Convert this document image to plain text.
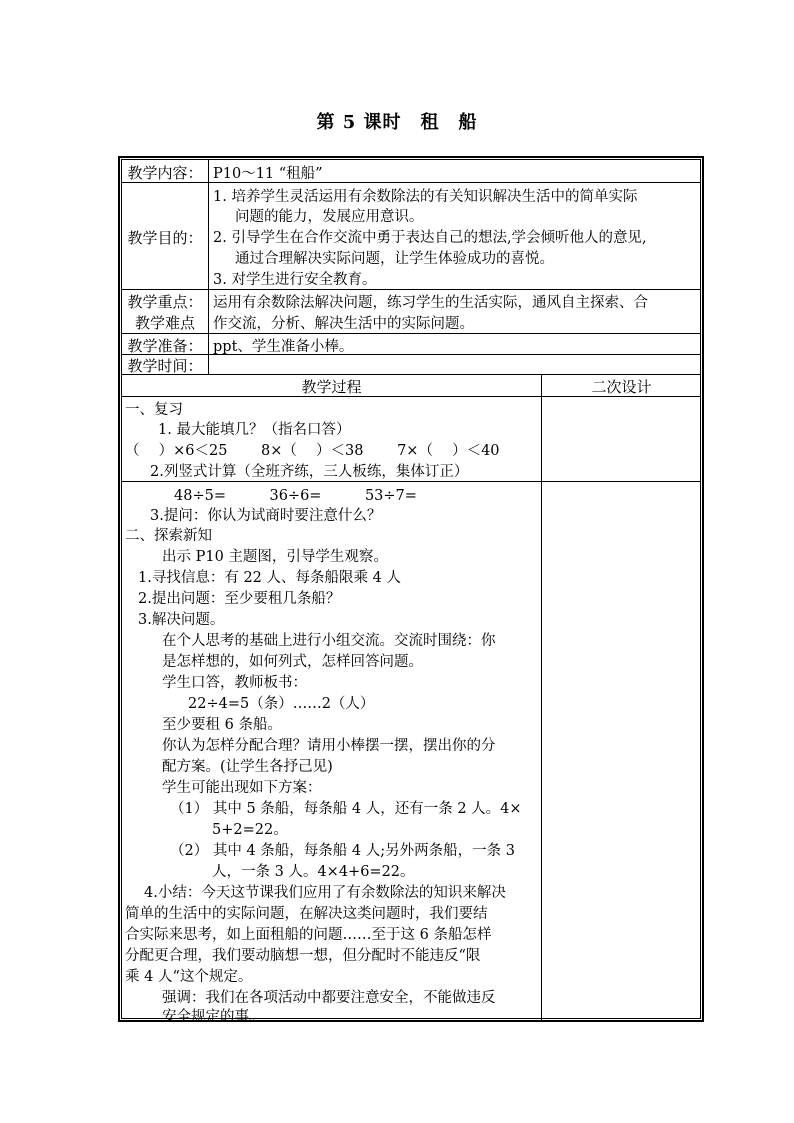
第 5 课时　租　船
教学内容： P10～11 “租船”
教学目的：
1. 培养学生灵活运用有余数除法的有关知识解决生活中的简单实际
问题的能力，发展应用意识。
2. 引导学生在合作交流中勇于表达自己的想法,学会倾听他人的意见,
通过合理解决实际问题，让学生体验成功的喜悦。
3. 对学生进行安全教育。
教学重点：
教学难点
运用有余数除法解决问题，练习学生的生活实际，通风自主探索、合
作交流，分析、解决生活中的实际问题。
教学准备： ppt、学生准备小棒。
教学时间：
教学过程	二次设计
一、复习
1. 最大能填几？（指名口答）
（　 ）×6＜25　　 8×（　 ）＜38　　 7×（　 ）＜40
2.列竖式计算（全班齐练，三人板练，集体订正）
48÷5=　　　36÷6=　　　53÷7=
3.提问：你认为试商时要注意什么？
二、探索新知
出示 P10 主题图，引导学生观察。
1.寻找信息：有 22 人、每条船限乘 4 人
2.提出问题：至少要租几条船？
3.解决问题。
在个人思考的基础上进行小组交流。交流时围绕：你
是怎样想的，如何列式，怎样回答问题。
学生口答，教师板书：
22÷4=5（条）……2（人）
至少要租 6 条船。
你认为怎样分配合理？请用小棒摆一摆，摆出你的分
配方案。(让学生各抒己见)
学生可能出现如下方案：
（1） 其中 5 条船，每条船 4 人，还有一条 2 人。4×
5+2=22。
（2） 其中 4 条船，每条船 4 人;另外两条船，一条 3
人，一条 3 人。4×4+6=22。
4.小结：今天这节课我们应用了有余数除法的知识来解决
简单的生活中的实际问题，在解决这类问题时，我们要结
合实际来思考，如上面租船的问题……至于这 6 条船怎样
分配更合理，我们要动脑想一想，但分配时不能违反“限
乘 4 人“这个规定。
强调：我们在各项活动中都要注意安全，不能做违反
安全规定的事。
